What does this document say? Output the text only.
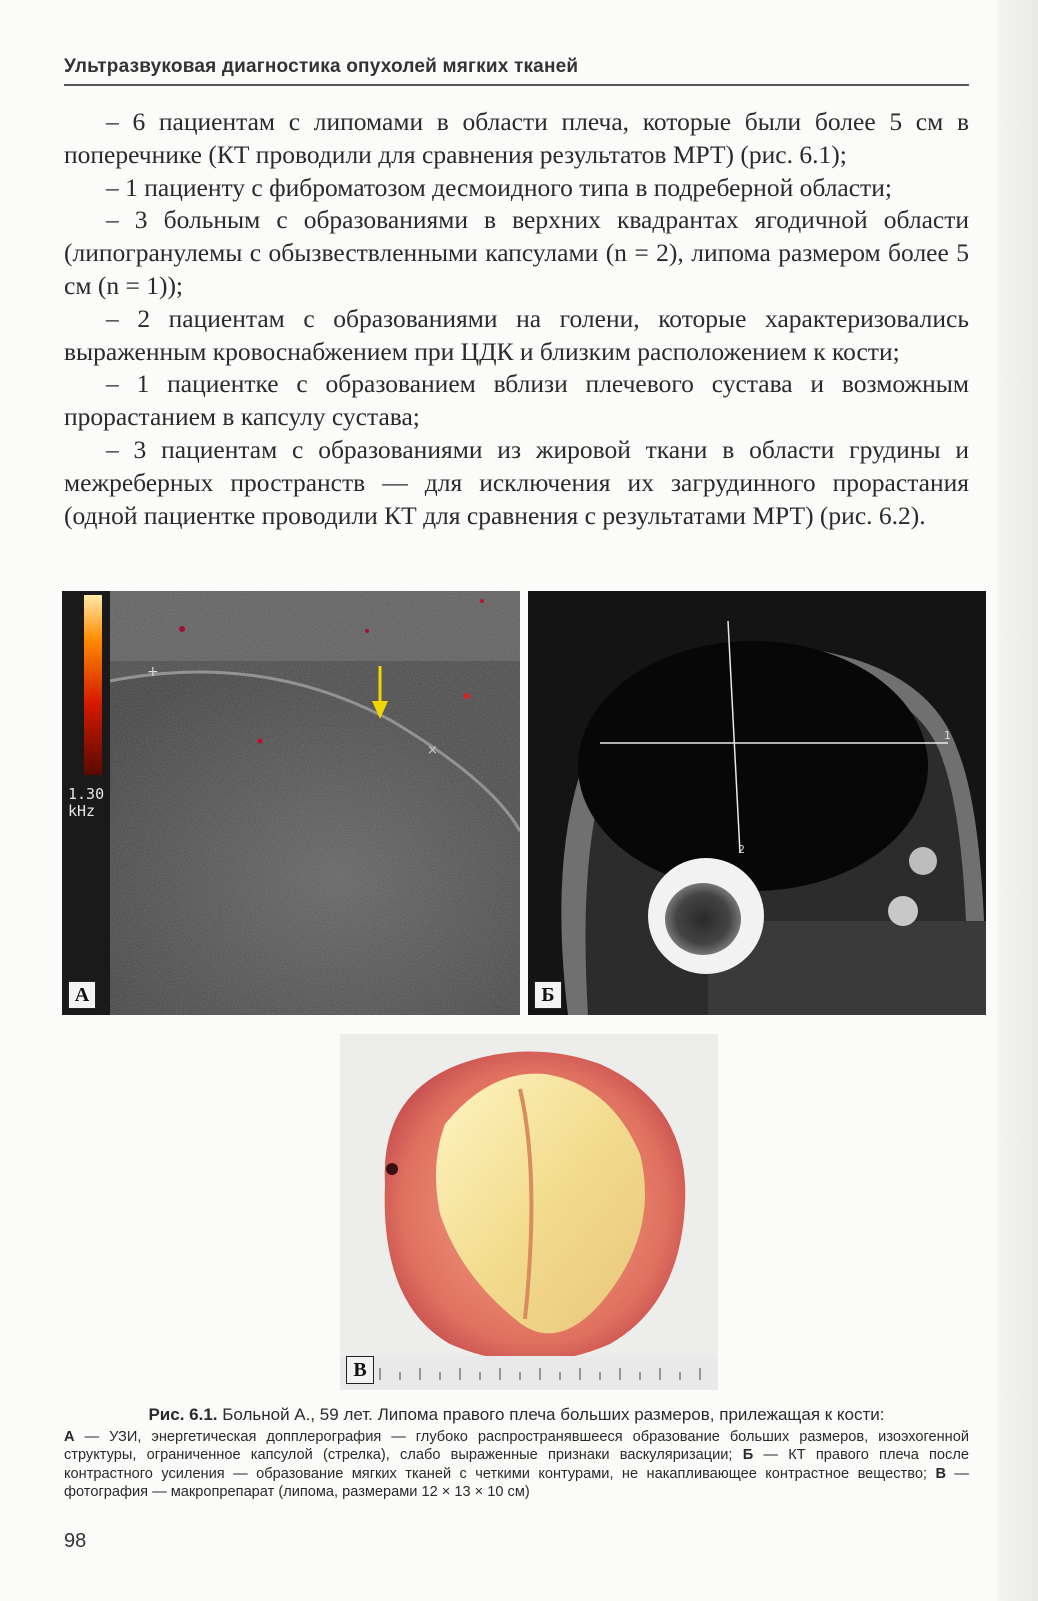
Ультразвуковая диагностика опухолей мягких тканей

– 6 пациентам с липомами в области плеча, которые были более 5 см в поперечнике (КТ проводили для сравнения результатов МРТ) (рис. 6.1);

– 1 пациенту с фиброматозом десмоидного типа в подреберной области;

– 3 больным с образованиями в верхних квадрантах ягодичной области (липогранулемы с обызвествленными капсулами (n = 2), липома размером более 5 см (n = 1));

– 2 пациентам с образованиями на голени, которые характеризовались выраженным кровоснабжением при ЦДК и близким расположением к кости;

– 1 пациентке с образованием вблизи плечевого сустава и возможным прорастанием в капсулу сустава;

– 3 пациентам с образованиями из жировой ткани в области грудины и межреберных пространств — для исключения их загрудинного прорастания (одной пациентке проводили КТ для сравнения с результатами МРТ) (рис. 6.2).

+
×
1.30
kHz
А
1
2
Б
В
Рис. 6.1. Больной А., 59 лет. Липома правого плеча больших размеров, прилежащая к кости:
А — УЗИ, энергетическая допплерография — глубоко распространявшееся образование больших размеров, изоэхогенной структуры, ограниченное капсулой (стрелка), слабо выраженные признаки васкуляризации; Б — КТ правого плеча после контрастного усиления — образование мягких тканей с четкими контурами, не накапливающее контрастное вещество; В — фотография — макропрепарат (липома, размерами 12 × 13 × 10 см)
98
